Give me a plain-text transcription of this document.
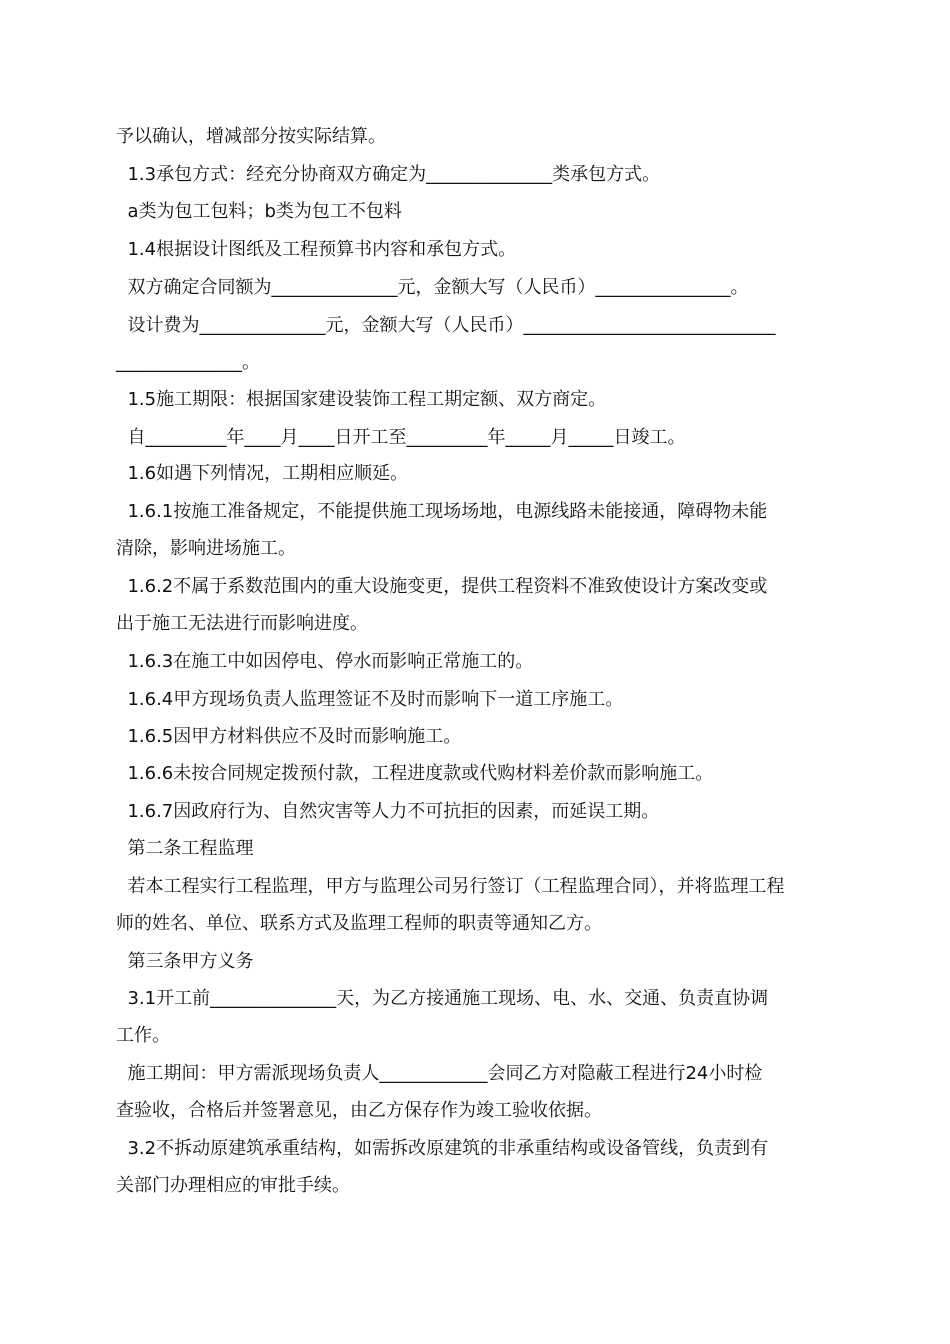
予以确认，增减部分按实际结算。
1.3承包方式：经充分协商双方确定为______________类承包方式。
a类为包工包料；b类为包工不包料
1.4根据设计图纸及工程预算书内容和承包方式。
双方确定合同额为______________元，金额大写（人民币）_______________。
设计费为______________元，金额大写（人民币）____________________________
______________。
1.5施工期限：根据国家建设装饰工程工期定额、双方商定。
自_________年____月____日开工至_________年_____月_____日竣工。
1.6如遇下列情况，工期相应顺延。
1.6.1按施工准备规定，不能提供施工现场场地，电源线路未能接通，障碍物未能
清除，影响进场施工。
1.6.2不属于系数范围内的重大设施变更，提供工程资料不准致使设计方案改变或
出于施工无法进行而影响进度。
1.6.3在施工中如因停电、停水而影响正常施工的。
1.6.4甲方现场负责人监理签证不及时而影响下一道工序施工。
1.6.5因甲方材料供应不及时而影响施工。
1.6.6未按合同规定拨预付款，工程进度款或代购材料差价款而影响施工。
1.6.7因政府行为、自然灾害等人力不可抗拒的因素，而延误工期。
第二条工程监理
若本工程实行工程监理，甲方与监理公司另行签订（工程监理合同），并将监理工程
师的姓名、单位、联系方式及监理工程师的职责等通知乙方。
第三条甲方义务
3.1开工前______________天，为乙方接通施工现场、电、水、交通、负责直协调
工作。
施工期间：甲方需派现场负责人____________会同乙方对隐蔽工程进行24小时检
查验收，合格后并签署意见，由乙方保存作为竣工验收依据。
3.2不拆动原建筑承重结构，如需拆改原建筑的非承重结构或设备管线，负责到有
关部门办理相应的审批手续。
